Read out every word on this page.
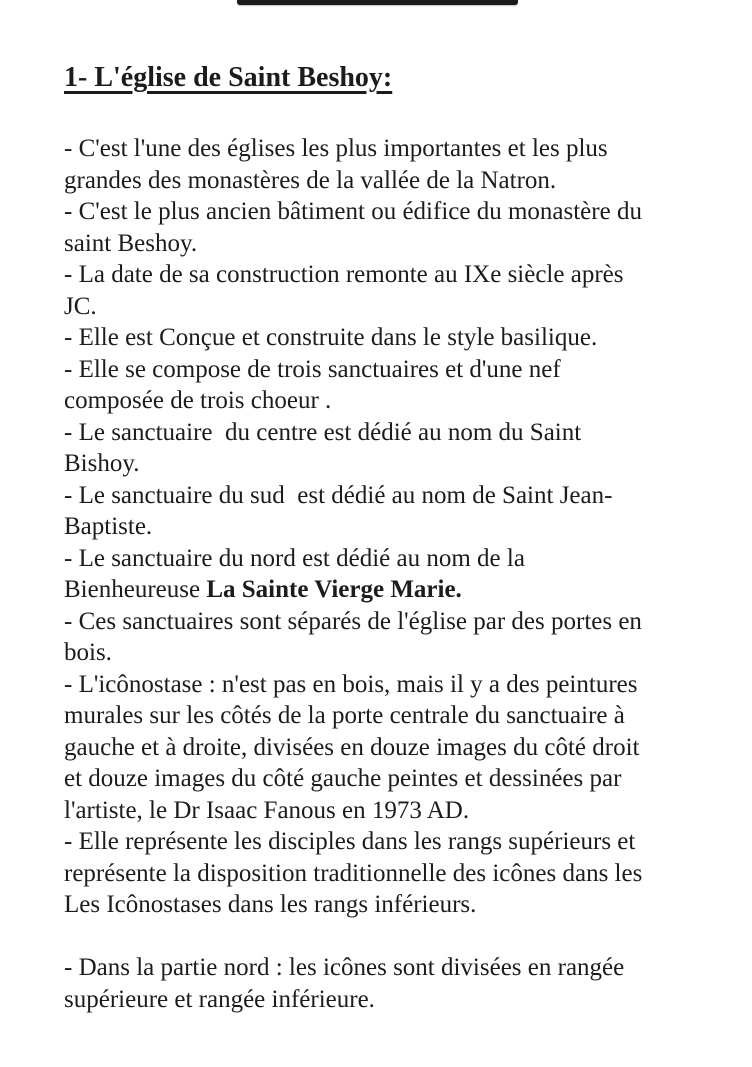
1- L'église de Saint Beshoy:
- C'est l'une des églises les plus importantes et les plus
grandes des monastères de la vallée de la Natron.
- C'est le plus ancien bâtiment ou édifice du monastère du
saint Beshoy.
- La date de sa construction remonte au IXe siècle après
JC.
- Elle est Conçue et construite dans le style basilique.
- Elle se compose de trois sanctuaires et d'une nef
composée de trois choeur .
- Le sanctuaire  du centre est dédié au nom du Saint
Bishoy.
- Le sanctuaire du sud  est dédié au nom de Saint Jean-
Baptiste.
- Le sanctuaire du nord est dédié au nom de la
Bienheureuse La Sainte Vierge Marie.
- Ces sanctuaires sont séparés de l'église par des portes en
bois.
- L'icônostase : n'est pas en bois, mais il y a des peintures
murales sur les côtés de la porte centrale du sanctuaire à
gauche et à droite, divisées en douze images du côté droit
et douze images du côté gauche peintes et dessinées par
l'artiste, le Dr Isaac Fanous en 1973 AD.
- Elle représente les disciples dans les rangs supérieurs et
représente la disposition traditionnelle des icônes dans les
Les Icônostases dans les rangs inférieurs.

- Dans la partie nord : les icônes sont divisées en rangée
supérieure et rangée inférieure.
